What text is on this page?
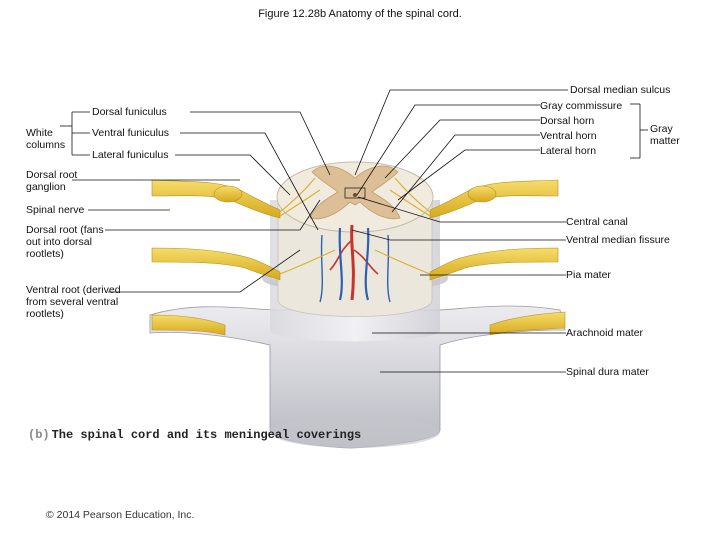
Figure 12.28b Anatomy of the spinal cord.
Dorsal funiculus
White columns
Ventral funiculus
Lateral funiculus
Dorsal root ganglion
Spinal nerve
Dorsal root (fans out into dorsal rootlets)
Ventral root (derived from several ventral rootlets)
Dorsal median sulcus
Gray commissure
Dorsal horn
Ventral horn
Lateral horn
Gray matter
Central canal
Ventral median fissure
Pia mater
Arachnoid mater
Spinal dura mater
(b) The spinal cord and its meningeal coverings
© 2014 Pearson Education, Inc.
